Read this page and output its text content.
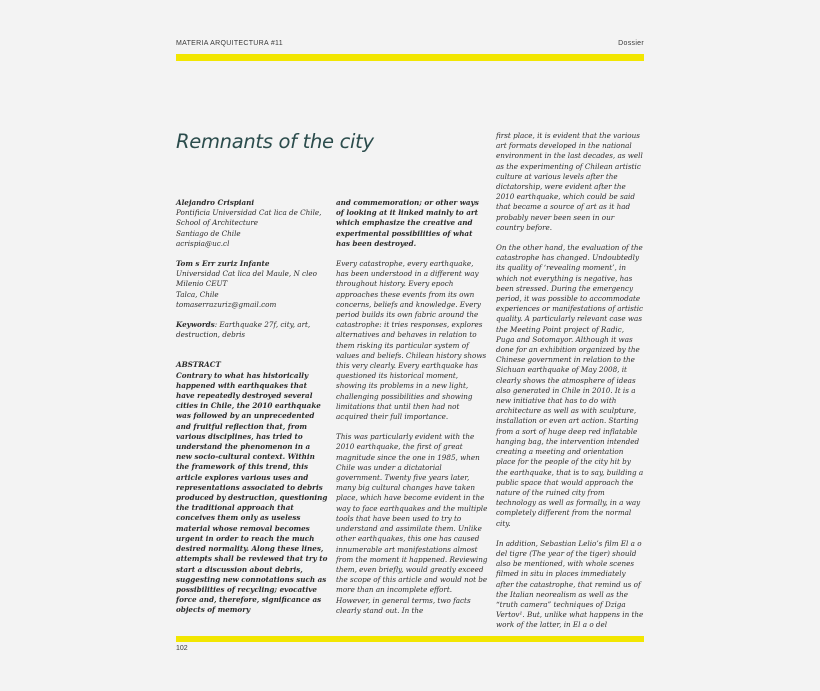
MATERIA ARQUITECTURA #11	Dossier
Remnants of the city
Alejandro Crispiani
Pontificia Universidad Cat lica de Chile,
School of Architecture
Santiago de Chile
acrispia@uc.cl
Tom s Err zuriz Infante
Universidad Cat lica del Maule, N cleo
Milenio CEUT
Talca, Chile
tomaserrazuriz@gmail.com

Keywords: Earthquake 27f, city, art, destruction, debris

ABSTRACT
Contrary to what has historically happened with earthquakes that have repeatedly destroyed several cities in Chile, the 2010 earthquake was followed by an unprecedented and fruitful reflection that, from various disciplines, has tried to understand the phenomenon in a new socio-cultural context. Within the framework of this trend, this article explores various uses and representations associated to debris produced by destruction, questioning the traditional approach that conceives them only as useless material whose removal becomes urgent in order to reach the much desired normality. Along these lines, attempts shall be reviewed that try to start a discussion about debris, suggesting new connotations such as possibilities of recycling; evocative force and, therefore, significance as objects of memory

and commemoration; or other ways of looking at it linked mainly to art which emphasize the creative and experimental possibilities of what has been destroyed.

Every catastrophe, every earthquake, has been understood in a different way throughout history. Every epoch approaches these events from its own concerns, beliefs and knowledge. Every period builds its own fabric around the catastrophe: it tries responses, explores alternatives and behaves in relation to them risking its particular system of values and beliefs. Chilean history shows this very clearly. Every earthquake has questioned its historical moment, showing its problems in a new light, challenging possibilities and showing limitations that until then had not acquired their full importance.

This was particularly evident with the 2010 earthquake, the first of great magnitude since the one in 1985, when Chile was under a dictatorial government. Twenty five years later, many big cultural changes have taken place, which have become evident in the way to face earthquakes and the multiple tools that have been used to try to understand and assimilate them. Unlike other earthquakes, this one has caused innumerable art manifestations almost from the moment it happened. Reviewing them, even briefly, would greatly exceed the scope of this article and would not be more than an incomplete effort. However, in general terms, two facts clearly stand out. In the

first place, it is evident that the various art formats developed in the national environment in the last decades, as well as the experimenting of Chilean artistic culture at various levels after the dictatorship, were evident after the 2010 earthquake, which could be said that became a source of art as it had probably never been seen in our country before.

On the other hand, the evaluation of the catastrophe has changed. Undoubtedly its quality of ‘revealing moment’, in which not everything is negative, has been stressed. During the emergency period, it was possible to accommodate experiences or manifestations of artistic quality. A particularly relevant case was the Meeting Point project of Radic, Puga and Sotomayor. Although it was done for an exhibition organized by the Chinese government in relation to the Sichuan earthquake of May 2008, it clearly shows the atmosphere of ideas also generated in Chile in 2010. It is a new initiative that has to do with architecture as well as with sculpture, installation or even art action. Starting from a sort of huge deep red inflatable hanging bag, the intervention intended creating a meeting and orientation place for the people of the city hit by the earthquake, that is to say, building a public space that would approach the nature of the ruined city from technology as well as formally, in a way completely different from the normal city.

In addition, Sebastian Lelio’s film El a o del tigre (The year of the tiger) should also be mentioned, with whole scenes filmed in situ in places immediately after the catastrophe, that remind us of the Italian neorealism as well as the “truth camera” techniques of Dziga Vertov¹. But, unlike what happens in the work of the latter, in El a o del

102
